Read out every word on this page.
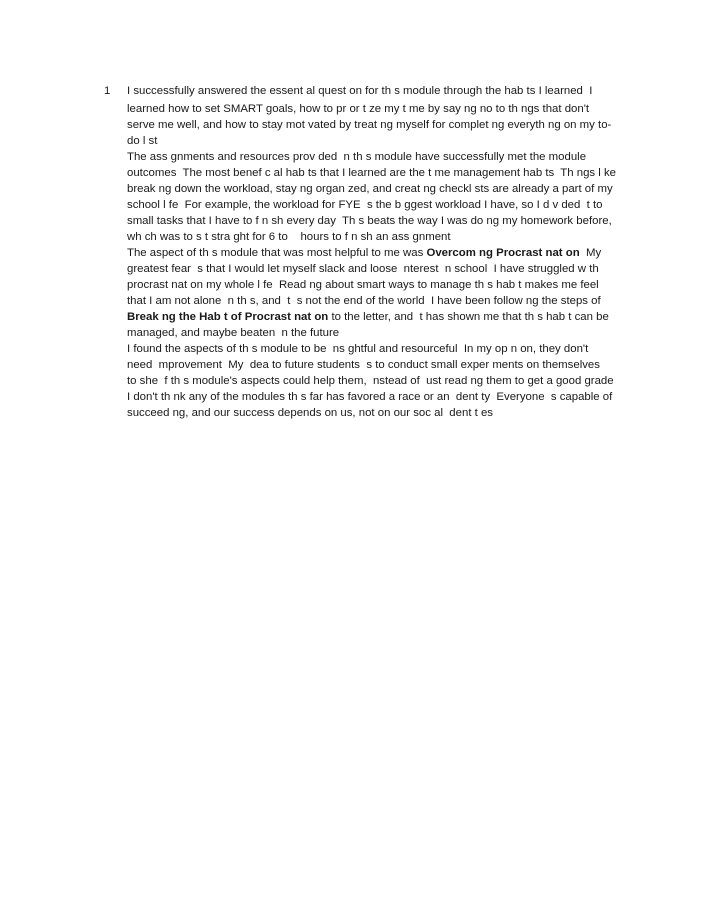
1 I successfully answered the essent al quest on for th s module through the hab ts I learned  I
learned how to set SMART goals, how to pr or t ze my t me by say ng no to th ngs that don't
serve me well, and how to stay mot vated by treat ng myself for complet ng everyth ng on my to-
do l st

The ass gnments and resources prov ded  n th s module have successfully met the module
outcomes  The most benef c al hab ts that I learned are the t me management hab ts  Th ngs l ke
break ng down the workload, stay ng organ zed, and creat ng checkl sts are already a part of my
school l fe  For example, the workload for FYE  s the b ggest workload I have, so I d v ded  t to
small tasks that I have to f n sh every day  Th s beats the way I was do ng my homework before,
wh ch was to s t stra ght for 6 to    hours to f n sh an ass gnment

The aspect of th s module that was most helpful to me was Overcom ng Procrast nat on  My
greatest fear  s that I would let myself slack and loose  nterest  n school  I have struggled w th
procrast nat on my whole l fe  Read ng about smart ways to manage th s hab t makes me feel
that I am not alone  n th s, and  t  s not the end of the world  I have been follow ng the steps of
Break ng the Hab t of Procrast nat on to the letter, and  t has shown me that th s hab t can be
managed, and maybe beaten  n the future

I found the aspects of th s module to be  ns ghtful and resourceful  In my op n on, they don't
need  mprovement  My  dea to future students  s to conduct small exper ments on themselves
to she  f th s module's aspects could help them,  nstead of  ust read ng them to get a good grade

I don't th nk any of the modules th s far has favored a race or an  dent ty  Everyone  s capable of
succeed ng, and our success depends on us, not on our soc al  dent t es
